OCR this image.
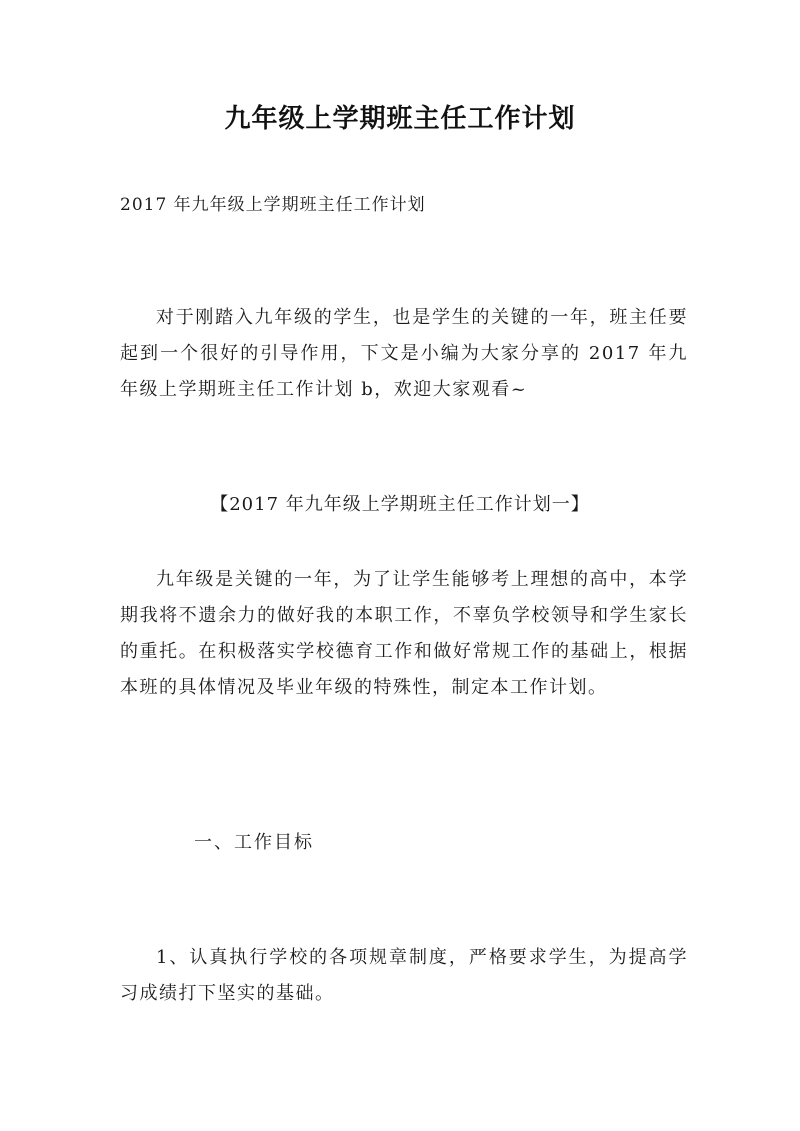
九年级上学期班主任工作计划

2017 年九年级上学期班主任工作计划

对于刚踏入九年级的学生，也是学生的关键的一年，班主任要起到一个很好的引导作用，下文是小编为大家分享的 2017 年九年级上学期班主任工作计划 b，欢迎大家观看~

【2017 年九年级上学期班主任工作计划一】

九年级是关键的一年，为了让学生能够考上理想的高中，本学期我将不遗余力的做好我的本职工作，不辜负学校领导和学生家长的重托。在积极落实学校德育工作和做好常规工作的基础上，根据本班的具体情况及毕业年级的特殊性，制定本工作计划。

一、工作目标

1、认真执行学校的各项规章制度，严格要求学生，为提高学习成绩打下坚实的基础。
